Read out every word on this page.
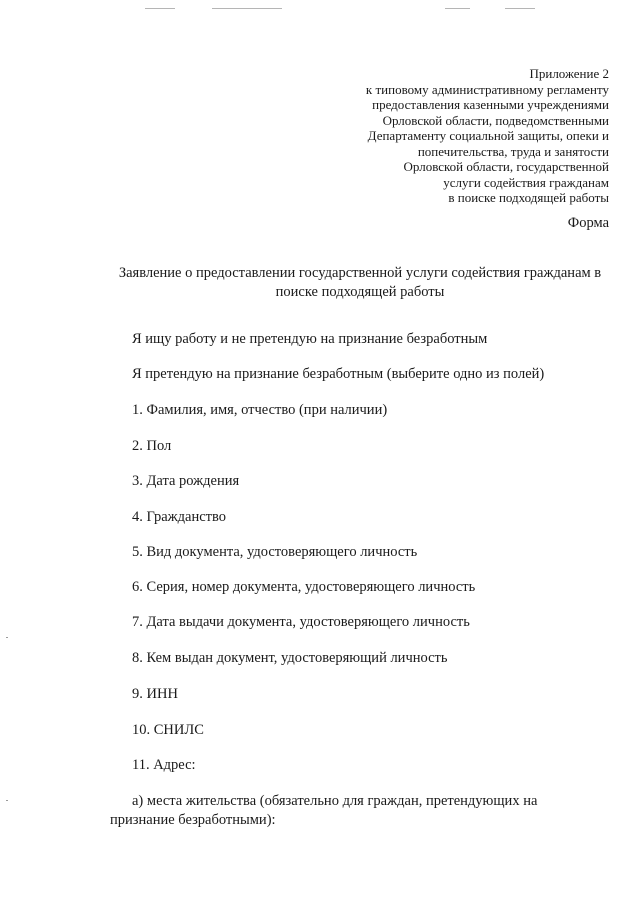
Приложение 2
к типовому административному регламенту
предоставления казенными учреждениями
Орловской области, подведомственными
Департаменту социальной защиты, опеки и
попечительства, труда и занятости
Орловской области, государственной
услуги содействия гражданам
в поиске подходящей работы
Форма
Заявление о предоставлении государственной услуги содействия гражданам в
поиске подходящей работы
Я ищу работу и не претендую на признание безработным
Я претендую на признание безработным (выберите одно из полей)
1. Фамилия, имя, отчество (при наличии)
2. Пол
3. Дата рождения
4. Гражданство
5. Вид документа, удостоверяющего личность
6. Серия, номер документа, удостоверяющего личность
7. Дата выдачи документа, удостоверяющего личность
8. Кем выдан документ, удостоверяющий личность
9. ИНН
10. СНИЛС
11. Адрес:
а) места жительства (обязательно для граждан, претендующих на
признание безработными):
